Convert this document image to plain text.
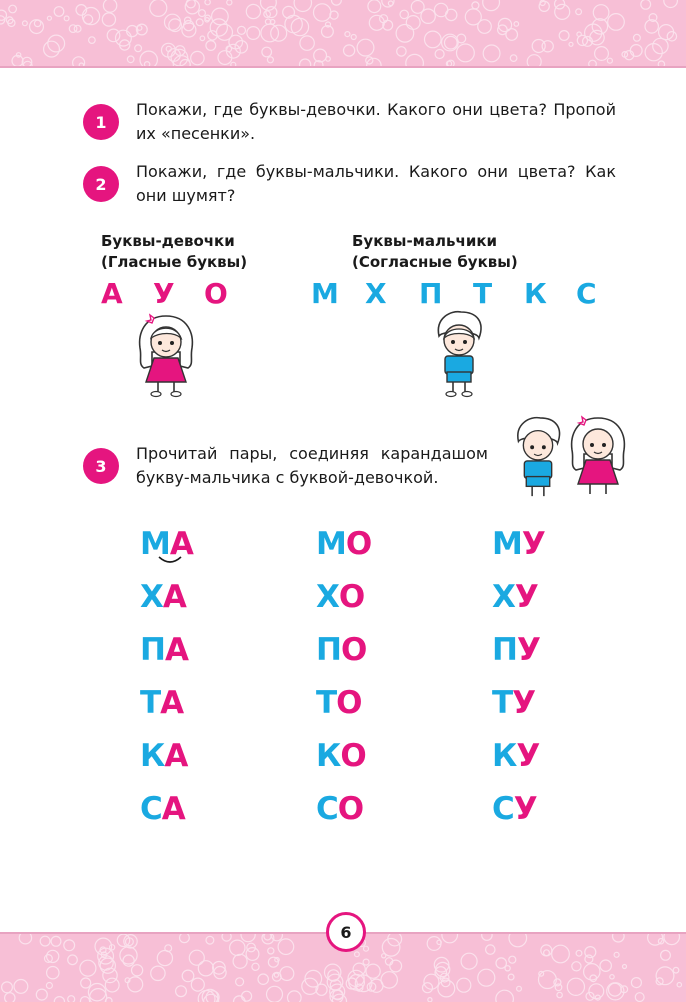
1
Покажи, где буквы-девочки. Какого они цвета? Пропой их «песенки».
2
Покажи, где буквы-мальчики. Какого они цвета? Как они шумят?
Буквы-девочки
(Гласные буквы)
Буквы-мальчики
(Согласные буквы)
А У О	М Х П Т К С
3
Прочитай пары, соединяя карандашом букву-мальчика с буквой-девочкой.
МА
ХА
ПА
ТА
КА
СА
МО
ХО
ПО
ТО
КО
СО
МУ
ХУ
ПУ
ТУ
КУ
СУ
6
